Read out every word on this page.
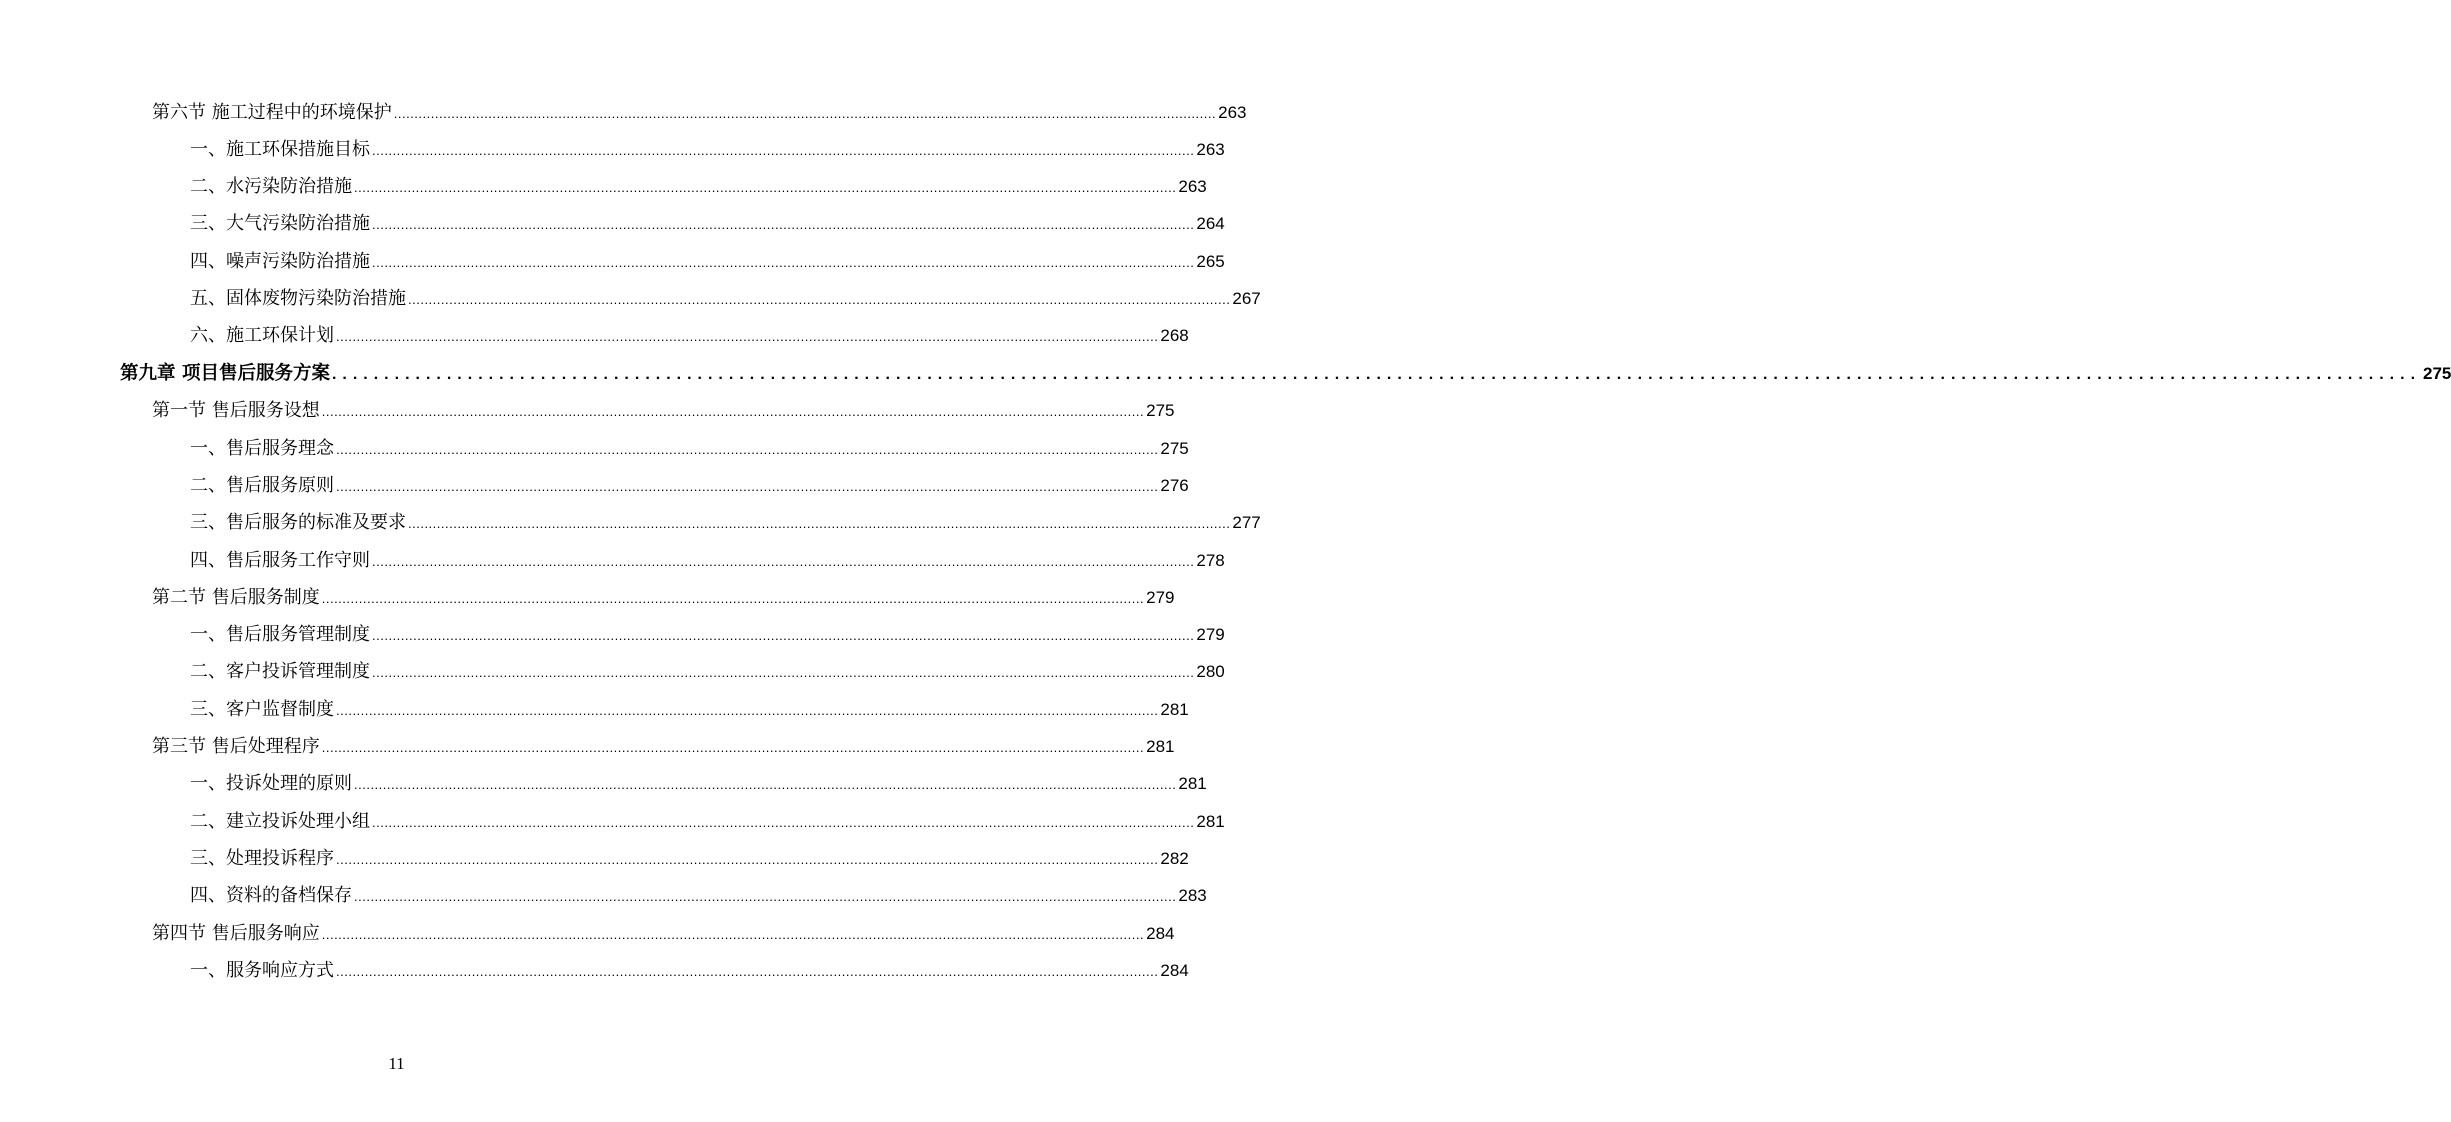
第六节 施工过程中的环境保护 ........................................................................................................................................................................................................ 263
一、施工环保措施目标 ........................................................................................................................................................................................................ 263
二、水污染防治措施 ........................................................................................................................................................................................................ 263
三、大气污染防治措施 ........................................................................................................................................................................................................ 264
四、噪声污染防治措施 ........................................................................................................................................................................................................ 265
五、固体废物污染防治措施 ........................................................................................................................................................................................................ 267
六、施工环保计划 ........................................................................................................................................................................................................ 268
第九章 项目售后服务方案 ........................................................................................................................................................................................................ 275
第一节 售后服务设想 ........................................................................................................................................................................................................ 275
一、售后服务理念 ........................................................................................................................................................................................................ 275
二、售后服务原则 ........................................................................................................................................................................................................ 276
三、售后服务的标准及要求 ........................................................................................................................................................................................................ 277
四、售后服务工作守则 ........................................................................................................................................................................................................ 278
第二节 售后服务制度 ........................................................................................................................................................................................................ 279
一、售后服务管理制度 ........................................................................................................................................................................................................ 279
二、客户投诉管理制度 ........................................................................................................................................................................................................ 280
三、客户监督制度 ........................................................................................................................................................................................................ 281
第三节 售后处理程序 ........................................................................................................................................................................................................ 281
一、投诉处理的原则 ........................................................................................................................................................................................................ 281
二、建立投诉处理小组 ........................................................................................................................................................................................................ 281
三、处理投诉程序 ........................................................................................................................................................................................................ 282
四、资料的备档保存 ........................................................................................................................................................................................................ 283
第四节 售后服务响应 ........................................................................................................................................................................................................ 284
一、服务响应方式 ........................................................................................................................................................................................................ 284
11
